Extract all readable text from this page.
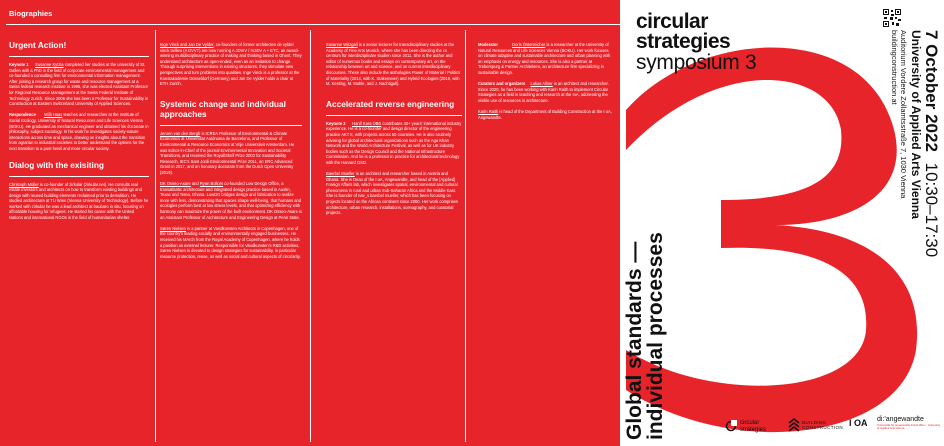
Biographies
Urgent Action!

Keynote 1 Susanne Kytzia completed her studies at the university of St. Gallen with a PhD in the field of corporate environmental management and co-founded a consulting firm for environmental information management. After joining a research group for waste and resource management at a Swiss federal research institute in 1995, she was elected Assistant Professor for Regional Resource Management at the Swiss Federal Institute of Technology Zurich. Since 2006 she has been a Professor for Sustainability in Construction at Eastern Switzerland University of Applied Sciences.

Respondence Willi Haas teaches and researches at the Institute of Social Ecology, University of Natural Resources and Life Sciences Vienna (BOKU). He graduated as mechanical engineer and obtained his doctorate in philosophy, subject sociology. In his work he investigates society-nature interactions across time and space, drawing on insights about the transition from agrarian to industrial societies to better understand the options for the next transition to a post-fossil and more circular society.

Dialog with the exisiting

Christoph Müller is co-founder of zirkular (zirkular.net). He consults real estate investors and architects on how to transform existing buildings and design with reused building elements reclaimed prior to demolition. He studied architecture at TU Wien (Vienna University of Technology). Before he worked with zirkular he was a lead architect at baubüro in situ, focusing on affordable housing for refugees. He started his career with the United Nations and international NGOs in the field of humanitarian shelter.

Inge Vinck and Jan De Vylder, co-founders of former architecten de vylder vinck taillieu (A DVVT) are now running A JDVIV / IVJDV A + ETC, an award-winning multidisciplinary practice of making and thinking based in Ghent. They understand architecture as open-ended, even as an invitation to change. Through surprising interventions in existing structures, they stimulate new perspectives and turn problems into qualities. Inge Vinck is a professor at the Kunstakademie Düsseldorf (Germany) and Jan De Vylder holds a chair at ETH Zurich.

Systemic change and individual approaches

Jeroen van den Bergh is ICREA Professor of Environmental & Climate Economics at Universitat Autònoma de Barcelona, and Professor of Environmental & Resource Economics at Vrije Universiteit Amsterdam. He was Editor-in-Chief of the journal Environmental Innovation and Societal Transitions, and received the Royal/Shell Prize 2002 for Sustainability Research, IEC's Sant Jordi Environmental Prize 2011, an ERC Advanced Grant in 2017, and an honorary doctorate from the Dutch Open University (2019).

DK Osseo-Asare and Ryan Bollom co-founded Low Design Office, a transatlantic architecture and integrated design practice based in Austin, Texas and Tema, Ghana. LowDO bridges design and fabrication to realize more with less, demonstrating that spaces shape well-being, that humans and ecologies perform best at low stress levels, and that optimizing efficiency with harmony can maximize the power of the built environment. DK Osseo-Asare is an Assistant Professor of Architecture and Engineering Design at Penn State.

Søren Nielsen is a partner at Vandkunsten Architects in Copenhagen, one of the country's leading socially and environmentally engaged businesses. He received his MArch from the Royal Academy of Copenhagen, where he holds a position as external lecturer. Responsible for Vandkunsten's R&D activities, Søren Nielsen is devoted to design strategies for sustainability, in particular resource protection, reuse, as well as social and cultural aspects of circularity.

Susanne Witzgall is a senior lecturer for transdisciplinary studies at the Academy of Fine Arts Munich, where she has been directing the cx centrum für interdisziplinäre studien since 2011. She is the author and editor of numerous books and essays on contemporary art, on the relationship between art and science, and on current interdisciplinary discourses. These also include the anthologies Power of Material / Politics of Materiality (2014, with K. Stakemeier) and Hybrid Ecologies (2019, with M. Kesting, M. Muhle, and J. Nachtigall).

Accelerated reverse engineering

Keynote 2 Hanif Kara OBE contributes 40+ years' international industry experience. He is a co-founder and design director of the engineering practice AKT II, with projects across 50 countries. He is also routinely advising for global architectural organizations such as the Aga Khan Network and the World Architecture Festival, as well as for UK industry bodies such as the Design Council and the National Infrastructure Commission. And he is a professor in practice for architectural technology with the Harvard GSD.

Baerbel Mueller is an architect and researcher based in Austria and Ghana. She is Dean of the I oA, Angewandte, and head of the [Applied] Foreign Affairs lab, which investigates spatial, environmental and cultural phenomena in rural and urban Sub-Saharan Africa and the Middle East. She is founder of nav_s baerbel mueller, which has been focusing on projects located on the African continent since 2000. Her work comprises architecture, urban research, installations, scenography, and curatorial projects.

Moderator	Doris Österreicher is a researcher at the University of Natural Resources and Life Sciences Vienna (BOKU). Her work focuses on climate adaptive and sustainable architecture and urban planning with an emphasis on energy and resources. She is also a partner at Treberspurg & Partner Architekten, an architecture firm specializing in sustainable design.

Curators and organizers Lukas Allner is an architect and researcher. Since 2020, he has been working with Karin Raith to implement Circular Strategies as a field in teaching and research at the IoA, addressing the visible use of resources in architecture.

Karin Raith is head of the Department of Building Construction at the I oA, Angewandte.

circular
strategies
symposium 3	7 October 2022 10:30–17:30
University of Applied Arts Vienna
Auditorium Vordere Zollamtsstraße 7, 1030 Vienna
buildingconstruction.at
Global standards —
individual processes	circular
strategies
BUILDING CONSTRUCTION I OA di:'angewandte
Universität für angewandte Kunst Wien · University of Applied Arts Vienna
